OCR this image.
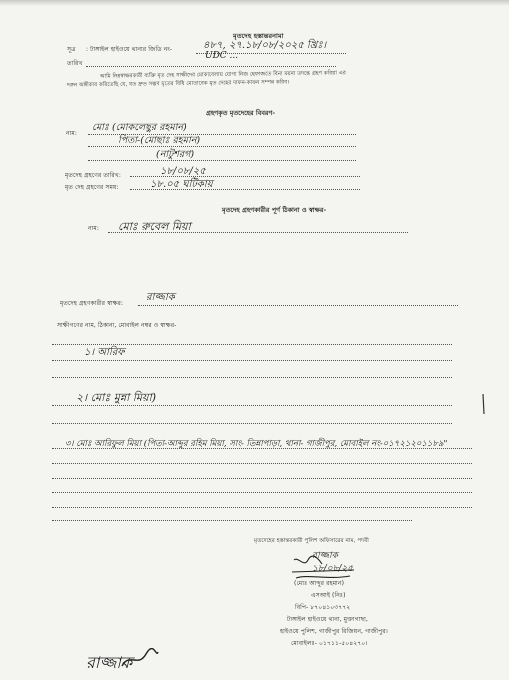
মৃতদেহ হস্তান্তরনামা
সূত্র : টাঙ্গাইল হাইওয়ে থানার জিডি নং-	৪৮৭, ২৭.১৮/০৮/২০২৫ খ্রিঃ।
তারিখ
UDC ...
আমি নিম্নস্বাক্ষরকারী ব্যক্তি মৃত দেহ সাক্ষীদের মোকাবেলায় যোগ্য নিজ হেফাজতে বিনা ময়না তদন্তে গ্রহণ করিয়া এর
দরুন অঙ্গীকার করিতেছি যে, যত দ্রুত সম্ভব মৃতের বিধি মোতাবেক মৃত দেহের দাফন-কাফন সম্পন্ন করিব।
গ্রহণকৃত মৃতদেহের বিবরণ-
নাম:
মোঃ (মোকলেছুর রহমান)
পিতা-(মোছাঃ রহমান)
(নাটুশরগ)
মৃতদেহ গ্রহণের তারিখ:	১৮/০৮/২৫
মৃত দেহ গ্রহণের সময়:	১৮.০৫ ঘটিকায়
মৃতদেহ গ্রহণকারীর পূর্ণ ঠিকানা ও স্বাক্ষর-
নাম: মোঃ রুবেল মিয়া
মৃতদেহ গ্রহণকারীর স্বাক্ষর:
রাজ্জাক
সাক্ষীগণের নাম, ঠিকানা, মোবাইল নম্বর ও স্বাক্ষর-
১। আরিফ
২। মোঃ মুন্না মিয়া)
৩। মোঃ আরিফুল মিয়া (পিতা-আব্দুর রহিম মিয়া, সাং- তিন্নাপাড়া, থানা- গাজীপুর, মোবাইল নং-০১৭২১২০১১৮৯"
মৃতদেহের হস্তান্তরকারী পুলিশ অফিসারের নাম, পদবী
রাজ্জাক
১৮/০৮/২৫
(মোঃ আব্দুর রহমান)
এসআই (নিঃ)
বিপি- ৮৭০৪১০৩৭৭২
টাঙ্গাইল হাইওয়ে থানা, মুক্তাগাছা,
হাইওয়ে পুলিশ, গাজীপুর রিজিয়ন, গাজীপুর।
মোবাইলঃ- ০১৭১১-৫০৪২৭০।
রাজ্জাক
